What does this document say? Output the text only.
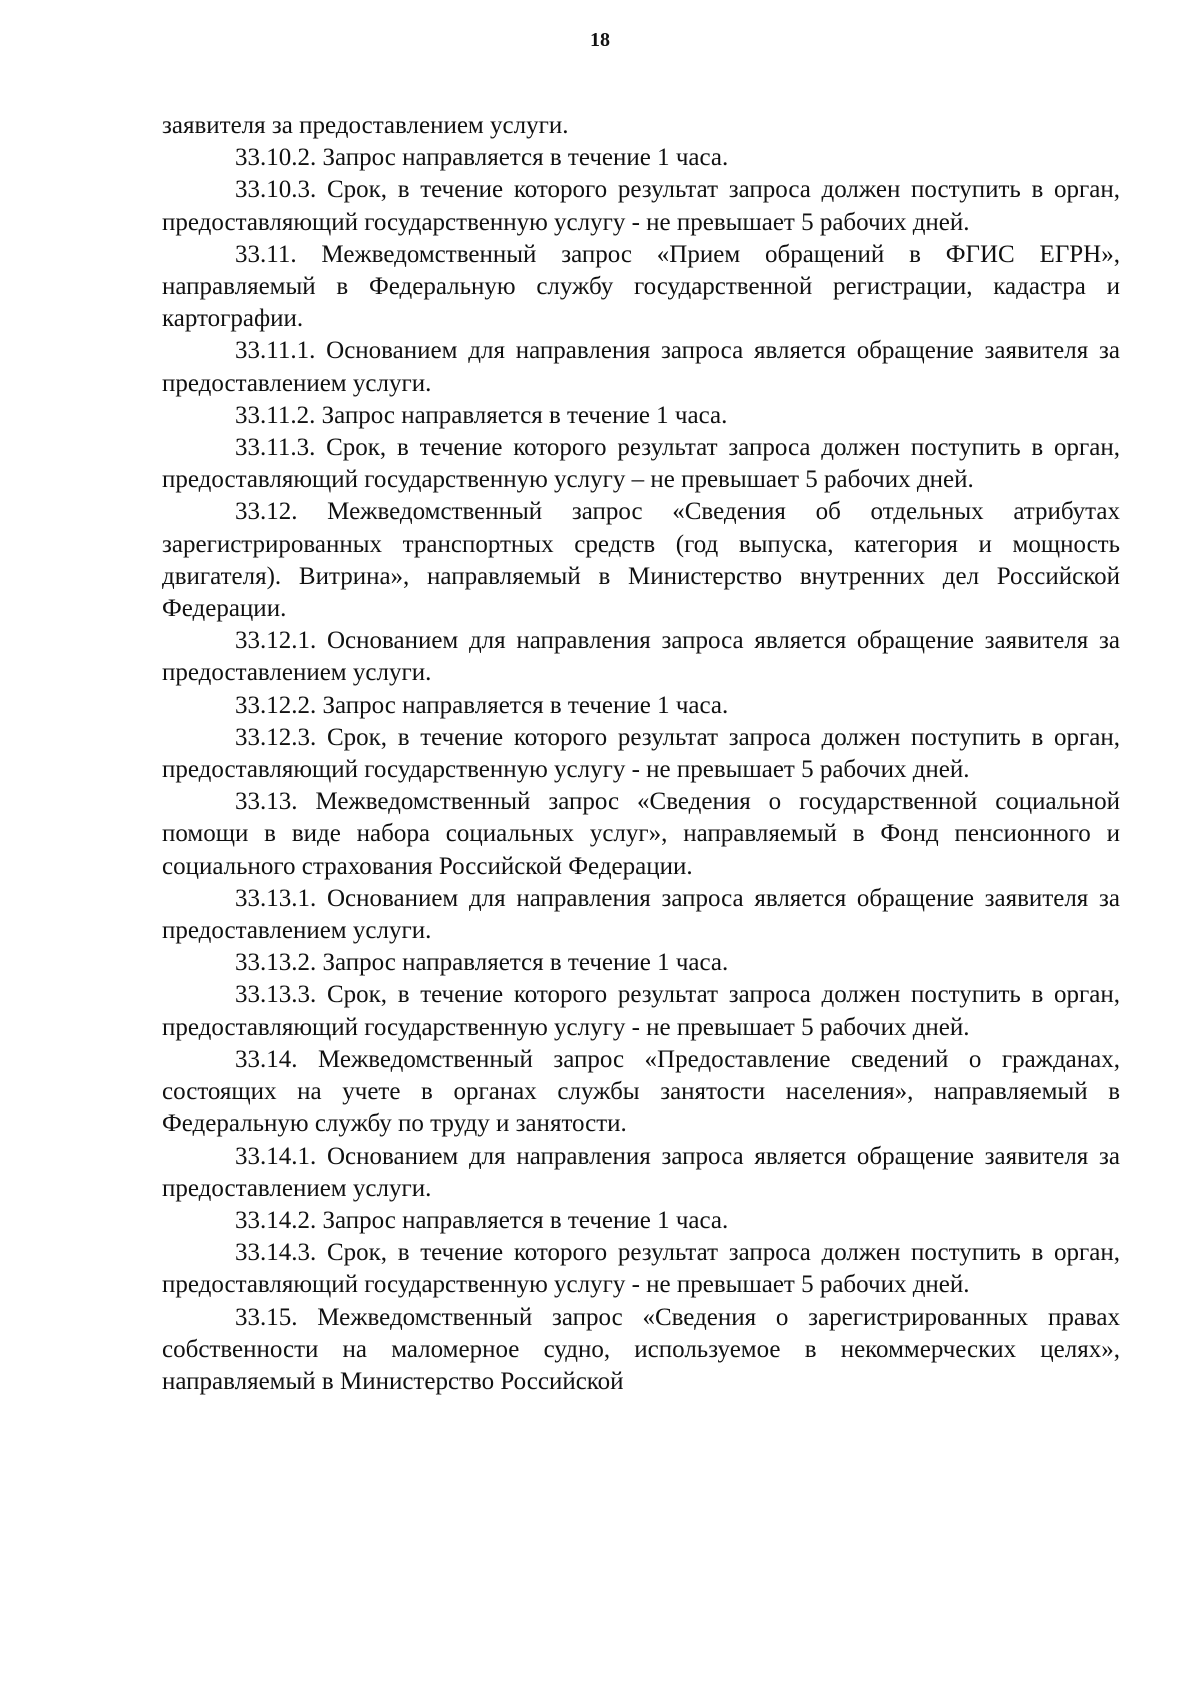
18

заявителя за предоставлением услуги.

33.10.2. Запрос направляется в течение 1 часа.

33.10.3. Срок, в течение которого результат запроса должен поступить в орган, предоставляющий государственную услугу - не превышает 5 рабочих дней.

33.11. Межведомственный запрос «Прием обращений в ФГИС ЕГРН», направляемый в Федеральную службу государственной регистрации, кадастра и картографии.

33.11.1. Основанием для направления запроса является обращение заявителя за предоставлением услуги.

33.11.2. Запрос направляется в течение 1 часа.

33.11.3. Срок, в течение которого результат запроса должен поступить в орган, предоставляющий государственную услугу – не превышает 5 рабочих дней.

33.12. Межведомственный запрос «Сведения об отдельных атрибутах зарегистрированных транспортных средств (год выпуска, категория и мощность двигателя). Витрина», направляемый в Министерство внутренних дел Российской Федерации.

33.12.1. Основанием для направления запроса является обращение заявителя за предоставлением услуги.

33.12.2. Запрос направляется в течение 1 часа.

33.12.3. Срок, в течение которого результат запроса должен поступить в орган, предоставляющий государственную услугу - не превышает 5 рабочих дней.

33.13. Межведомственный запрос «Сведения о государственной социальной помощи в виде набора социальных услуг», направляемый в Фонд пенсионного и социального страхования Российской Федерации.

33.13.1. Основанием для направления запроса является обращение заявителя за предоставлением услуги.

33.13.2. Запрос направляется в течение 1 часа.

33.13.3. Срок, в течение которого результат запроса должен поступить в орган, предоставляющий государственную услугу - не превышает 5 рабочих дней.

33.14. Межведомственный запрос «Предоставление сведений о гражданах, состоящих на учете в органах службы занятости населения», направляемый в Федеральную службу по труду и занятости.

33.14.1. Основанием для направления запроса является обращение заявителя за предоставлением услуги.

33.14.2. Запрос направляется в течение 1 часа.

33.14.3. Срок, в течение которого результат запроса должен поступить в орган, предоставляющий государственную услугу - не превышает 5 рабочих дней.

33.15. Межведомственный запрос «Сведения о зарегистрированных правах собственности на маломерное судно, используемое в некоммерческих целях», направляемый в Министерство Российской
